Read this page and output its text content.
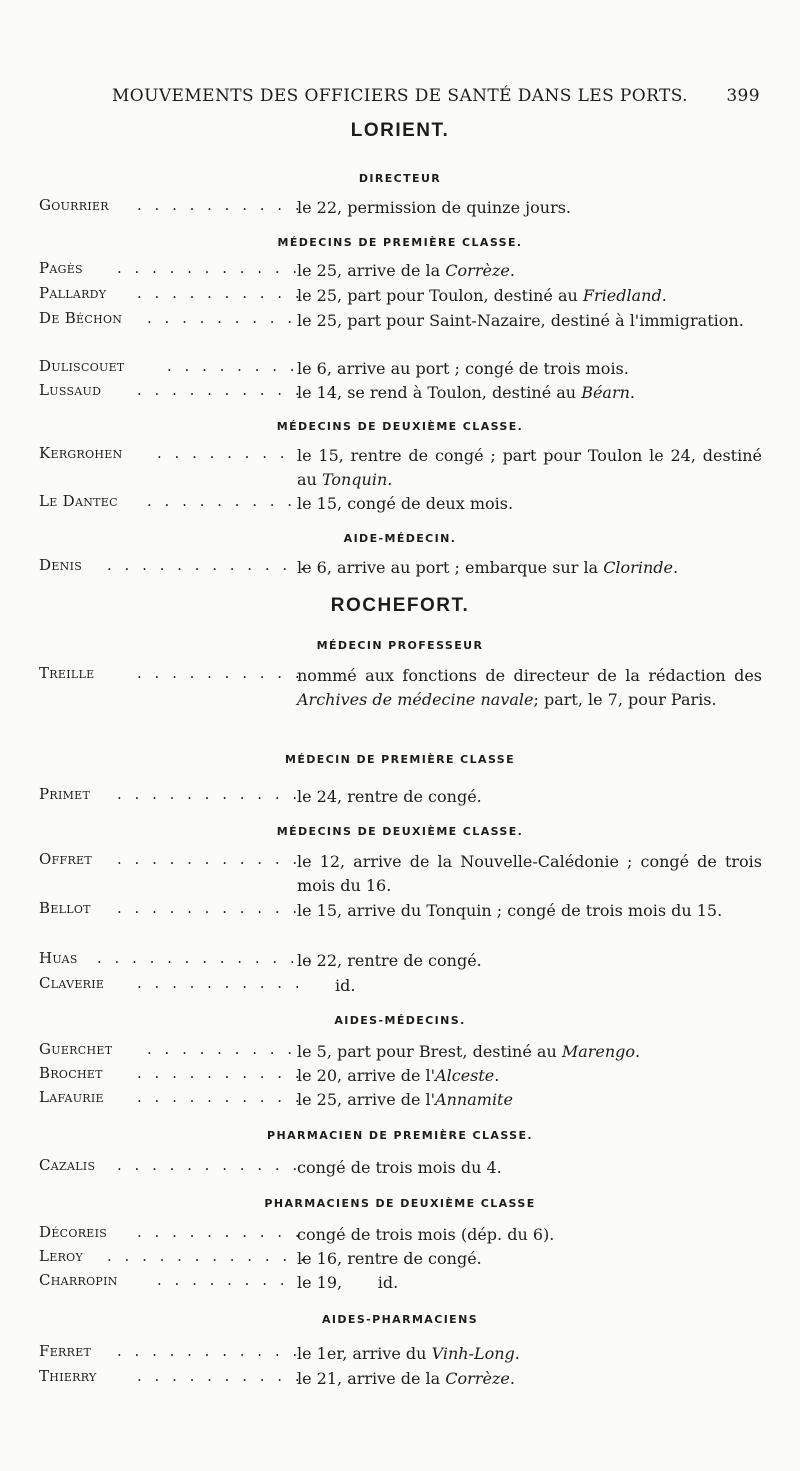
MOUVEMENTS DES OFFICIERS DE SANTÉ DANS LES PORTS. 399
LORIENT.
DIRECTEUR
Gourrier . . . . . . . . . .
le 22, permission de quinze jours.
MÉDECINS DE PREMIÈRE CLASSE.
Pagès . . . . . . . . . . .
le 25, arrive de la Corrèze.
Pallardy . . . . . . . . . .
le 25, part pour Toulon, destiné au Friedland.
De Béchon . . . . . . . . . le 25, part pour Saint-Nazaire, destiné à l'immigration.
Duliscouet	. . . . . . . .
le 6, arrive au port ; congé de trois mois.
Lussaud . . . . . . . . . .
le 14, se rend à Toulon, destiné au Béarn.
MÉDECINS DE DEUXIÈME CLASSE.
Kergrohen . . . . . . . . le 15, rentre de congé ; part pour Toulon le 24, destiné au Tonquin.
Le Dantec . . . . . . . . . le 15, congé de deux mois.
AIDE-MÉDECIN.
Denis . . . . . . . . . . . .
le 6, arrive au port ; embarque sur la Clorinde.
ROCHEFORT.
MÉDECIN PROFESSEUR
Treille	. . . . . . . . . .
nommé aux fonctions de directeur de la rédaction des Archives de médecine navale; part, le 7, pour Paris.
MÉDECIN DE PREMIÈRE CLASSE
Primet . . . . . . . . . . .
le 24, rentre de congé.
MÉDECINS DE DEUXIÈME CLASSE.
Offret . . . . . . . . . . .
le 12, arrive de la Nouvelle-Calédonie ; congé de trois mois du 16.
Bellot . . . . . . . . . . .
le 15, arrive du Tonquin ; congé de trois mois du 15.
Huas . . . . . . . . . . . . .
le 22, rentre de congé.
Claverie . . . . . . . . . . id.
AIDES-MÉDECINS.
Guerchet . . . . . . . . . le 5, part pour Brest, destiné au Marengo.
Brochet . . . . . . . . . .
le 20, arrive de l'Alceste.
Lafaurie . . . . . . . . . .
le 25, arrive de l'Annamite
PHARMACIEN DE PREMIÈRE CLASSE.
Cazalis . . . . . . . . . . .
congé de trois mois du 4.
PHARMACIENS DE DEUXIÈME CLASSE
Décoreis . . . . . . . . . .
congé de trois mois (dép. du 6).
Leroy . . . . . . . . . . . .
le 16, rentre de congé.
Charropin	. . . . . . . . le 19,       id.
AIDES-PHARMACIENS
Ferret . . . . . . . . . . .
le 1er, arrive du Vinh-Long.
Thierry	. . . . . . . . . .
le 21, arrive de la Corrèze.
